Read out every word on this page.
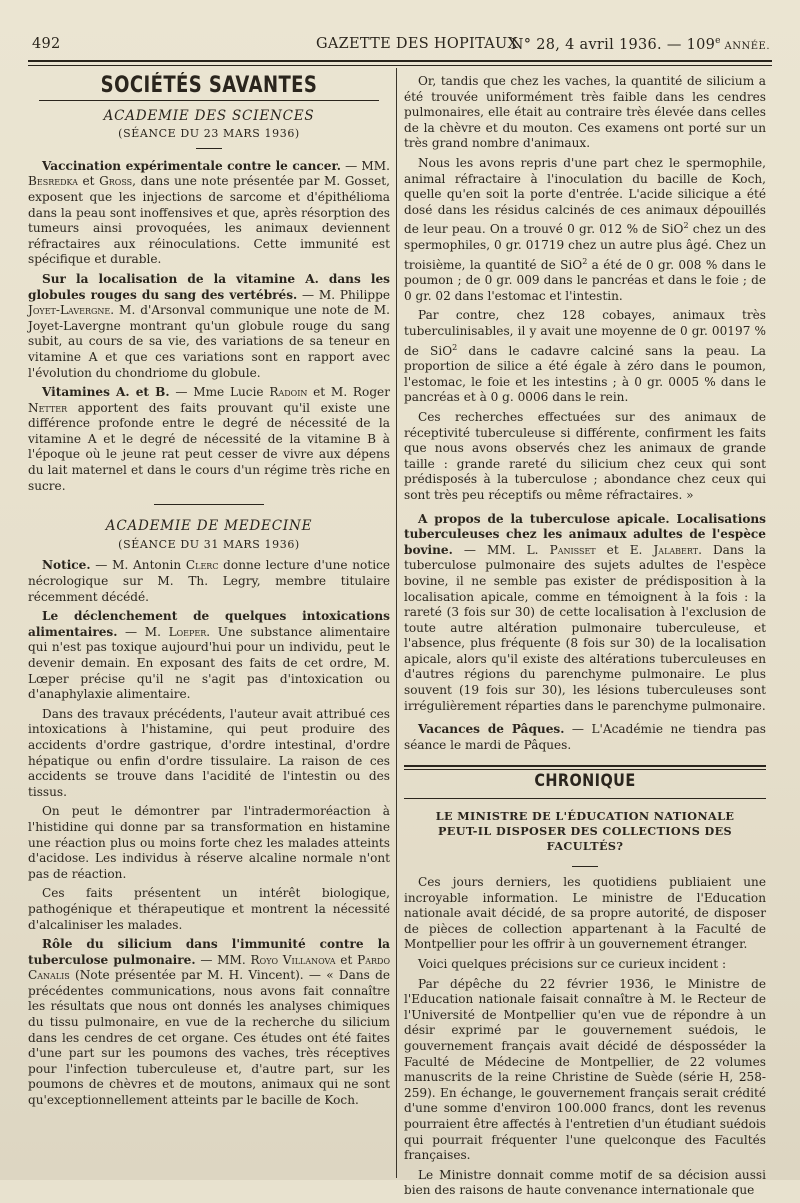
492	GAZETTE DES HOPITAUX
N° 28, 4 avril 1936. — 109e ANNÉE.
SOCIÉTÉS SAVANTES
ACADEMIE DES SCIENCES
(SÉANCE DU 23 MARS 1936)

Vaccination expérimentale contre le cancer. — MM. Besredka et Gross, dans une note présentée par M. Gosset, exposent que les injections de sarcome et d'épithélioma dans la peau sont inoffensives et que, après résorption des tumeurs ainsi provoquées, les animaux deviennent réfractaires aux réinoculations. Cette immunité est spécifique et durable.

Sur la localisation de la vitamine A. dans les globules rouges du sang des vertébrés. — M. Philippe Joyet-Lavergne. M. d'Arsonval communique une note de M. Joyet-Lavergne montrant qu'un globule rouge du sang subit, au cours de sa vie, des variations de sa teneur en vitamine A et que ces variations sont en rapport avec l'évolution du chondriome du globule.

Vitamines A. et B. — Mme Lucie Radoin et M. Roger Netter apportent des faits prouvant qu'il existe une différence profonde entre le degré de nécessité de la vitamine A et le degré de nécessité de la vitamine B à l'époque où le jeune rat peut cesser de vivre aux dépens du lait maternel et dans le cours d'un régime très riche en sucre.

ACADEMIE DE MEDECINE
(SÉANCE DU 31 MARS 1936)

Notice. — M. Antonin Clerc donne lecture d'une notice nécrologique sur M. Th. Legry, membre titulaire récemment décédé.

Le déclenchement de quelques intoxications alimentaires. — M. Loeper. Une substance alimentaire qui n'est pas toxique aujourd'hui pour un individu, peut le devenir demain. En exposant des faits de cet ordre, M. Lœper précise qu'il ne s'agit pas d'intoxication ou d'anaphylaxie alimentaire.

Dans des travaux précédents, l'auteur avait attribué ces intoxications à l'histamine, qui peut produire des accidents d'ordre gastrique, d'ordre intestinal, d'ordre hépatique ou enfin d'ordre tissulaire. La raison de ces accidents se trouve dans l'acidité de l'intestin ou des tissus.

On peut le démontrer par l'intradermoréaction à l'histidine qui donne par sa transformation en histamine une réaction plus ou moins forte chez les malades atteints d'acidose. Les individus à réserve alcaline normale n'ont pas de réaction.

Ces faits présentent un intérêt biologique, pathogénique et thérapeutique et montrent la nécessité d'alcaliniser les malades.

Rôle du silicium dans l'immunité contre la tuberculose pulmonaire. — MM. Royo Villanova et Pardo Canalis (Note présentée par M. H. Vincent). — « Dans de précédentes communications, nous avons fait connaître les résultats que nous ont donnés les analyses chimiques du tissu pulmonaire, en vue de la recherche du silicium dans les cendres de cet organe. Ces études ont été faites d'une part sur les poumons des vaches, très réceptives pour l'infection tuberculeuse et, d'autre part, sur les poumons de chèvres et de moutons, animaux qui ne sont qu'exceptionnellement atteints par le bacille de Koch.

Or, tandis que chez les vaches, la quantité de silicium a été trouvée uniformément très faible dans les cendres pulmonaires, elle était au contraire très élevée dans celles de la chèvre et du mouton. Ces examens ont porté sur un très grand nombre d'animaux.

Nous les avons repris d'une part chez le spermophile, animal réfractaire à l'inoculation du bacille de Koch, quelle qu'en soit la porte d'entrée. L'acide silicique a été dosé dans les résidus calcinés de ces animaux dépouillés de leur peau. On a trouvé 0 gr. 012 % de SiO$^2$ chez un des spermophiles, 0 gr. 01719 chez un autre plus âgé. Chez un troisième, la quantité de SiO$^2$ a été de 0 gr. 008 % dans le poumon ; de 0 gr. 009 dans le pancréas et dans le foie ; de 0 gr. 02 dans l'estomac et l'intestin.

Par contre, chez 128 cobayes, animaux très tuberculinisables, il y avait une moyenne de 0 gr. 00197 % de SiO$^2$ dans le cadavre calciné sans la peau. La proportion de silice a été égale à zéro dans le poumon, l'estomac, le foie et les intestins ; à 0 gr. 0005 % dans le pancréas et à 0 g. 0006 dans le rein.

Ces recherches effectuées sur des animaux de réceptivité tuberculeuse si différente, confirment les faits que nous avons observés chez les animaux de grande taille : grande rareté du silicium chez ceux qui sont prédisposés à la tuberculose ; abondance chez ceux qui sont très peu réceptifs ou même réfractaires. »

A propos de la tuberculose apicale. Localisations tuberculeuses chez les animaux adultes de l'espèce bovine. — MM. L. Panisset et E. Jalabert. Dans la tuberculose pulmonaire des sujets adultes de l'espèce bovine, il ne semble pas exister de prédisposition à la localisation apicale, comme en témoignent à la fois : la rareté (3 fois sur 30) de cette localisation à l'exclusion de toute autre altération pulmonaire tuberculeuse, et l'absence, plus fréquente (8 fois sur 30) de la localisation apicale, alors qu'il existe des altérations tuberculeuses en d'autres régions du parenchyme pulmonaire. Le plus souvent (19 fois sur 30), les lésions tuberculeuses sont irrégulièrement réparties dans le parenchyme pulmonaire.

Vacances de Pâques. — L'Académie ne tiendra pas séance le mardi de Pâques.

CHRONIQUE
LE MINISTRE DE L'ÉDUCATION NATIONALE
PEUT-IL DISPOSER DES COLLECTIONS DES FACULTÉS?

Ces jours derniers, les quotidiens publiaient une incroyable information. Le ministre de l'Education nationale avait décidé, de sa propre autorité, de disposer de pièces de collection appartenant à la Faculté de Montpellier pour les offrir à un gouvernement étranger.

Voici quelques précisions sur ce curieux incident :

Par dépêche du 22 février 1936, le Ministre de l'Education nationale faisait connaître à M. le Recteur de l'Université de Montpellier qu'en vue de répondre à un désir exprimé par le gouvernement suédois, le gouvernement français avait décidé de désposséder la Faculté de Médecine de Montpellier, de 22 volumes manuscrits de la reine Christine de Suède (série H, 258-259). En échange, le gouvernement français serait crédité d'une somme d'environ 100.000 francs, dont les revenus pourraient être affectés à l'entretien d'un étudiant suédois qui pourrait fréquenter l'une quelconque des Facultés françaises.

Le Ministre donnait comme motif de sa décision aussi bien des raisons de haute convenance internationale que
